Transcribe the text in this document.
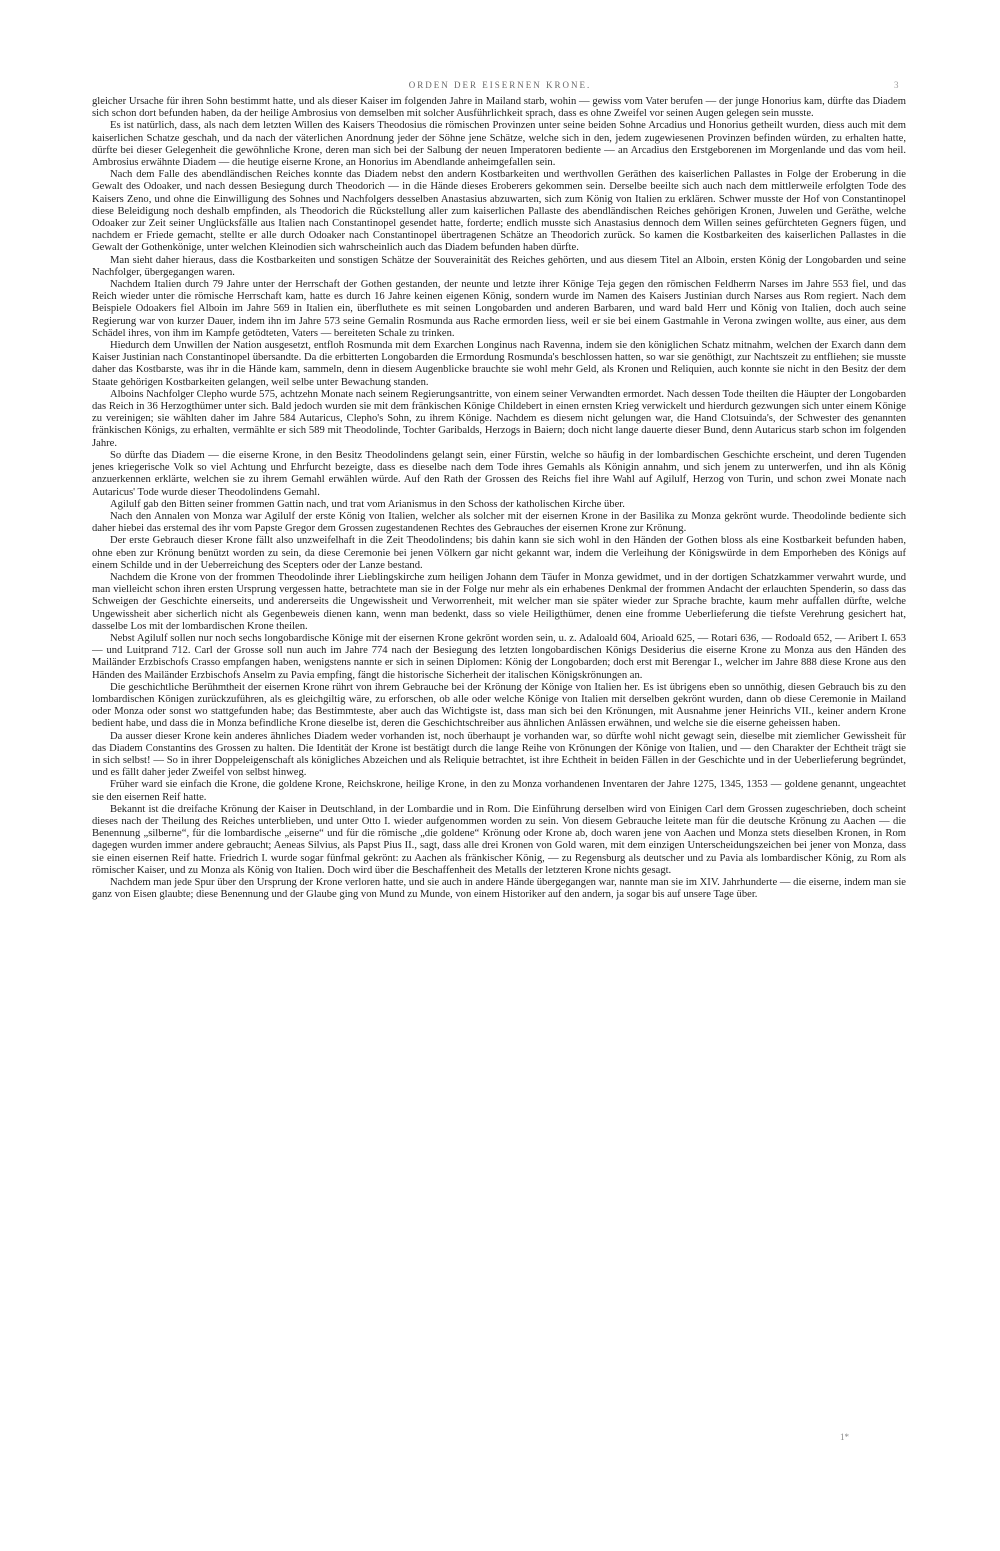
ORDEN DER EISERNEN KRONE.	3

gleicher Ursache für ihren Sohn bestimmt hatte, und als dieser Kaiser im folgenden Jahre in Mailand starb, wohin — gewiss vom Vater berufen — der junge Honorius kam, dürfte das Diadem sich schon dort befunden haben, da der heilige Ambrosius von demselben mit solcher Ausführlichkeit sprach, dass es ohne Zweifel vor seinen Augen gelegen sein musste.

Es ist natürlich, dass, als nach dem letzten Willen des Kaisers Theodosius die römischen Provinzen unter seine beiden Sohne Arcadius und Honorius getheilt wurden, diess auch mit dem kaiserlichen Schatze geschah, und da nach der väterlichen Anordnung jeder der Söhne jene Schätze, welche sich in den, jedem zugewiesenen Provinzen befinden würden, zu erhalten hatte, dürfte bei dieser Gelegenheit die gewöhnliche Krone, deren man sich bei der Salbung der neuen Imperatoren bediente — an Arcadius den Erstgeborenen im Morgenlande und das vom heil. Ambrosius erwähnte Diadem — die heutige eiserne Krone, an Honorius im Abendlande anheimgefallen sein.

Nach dem Falle des abendländischen Reiches konnte das Diadem nebst den andern Kostbarkeiten und werthvollen Geräthen des kaiserlichen Pallastes in Folge der Eroberung in die Gewalt des Odoaker, und nach dessen Besiegung durch Theodorich — in die Hände dieses Eroberers gekommen sein. Derselbe beeilte sich auch nach dem mittlerweile erfolgten Tode des Kaisers Zeno, und ohne die Einwilligung des Sohnes und Nachfolgers desselben Anastasius abzuwarten, sich zum König von Italien zu erklären. Schwer musste der Hof von Constantinopel diese Beleidigung noch deshalb empfinden, als Theodorich die Rückstellung aller zum kaiserlichen Pallaste des abendländischen Reiches gehörigen Kronen, Juwelen und Geräthe, welche Odoaker zur Zeit seiner Unglücksfälle aus Italien nach Constantinopel gesendet hatte, forderte; endlich musste sich Anastasius dennoch dem Willen seines gefürchteten Gegners fügen, und nachdem er Friede gemacht, stellte er alle durch Odoaker nach Constantinopel übertragenen Schätze an Theodorich zurück. So kamen die Kostbarkeiten des kaiserlichen Pallastes in die Gewalt der Gothenkönige, unter welchen Kleinodien sich wahrscheinlich auch das Diadem befunden haben dürfte.

Man sieht daher hieraus, dass die Kostbarkeiten und sonstigen Schätze der Souverainität des Reiches gehörten, und aus diesem Titel an Alboin, ersten König der Longobarden und seine Nachfolger, übergegangen waren.

Nachdem Italien durch 79 Jahre unter der Herrschaft der Gothen gestanden, der neunte und letzte ihrer Könige Teja gegen den römischen Feldherrn Narses im Jahre 553 fiel, und das Reich wieder unter die römische Herrschaft kam, hatte es durch 16 Jahre keinen eigenen König, sondern wurde im Namen des Kaisers Justinian durch Narses aus Rom regiert. Nach dem Beispiele Odoakers fiel Alboin im Jahre 569 in Italien ein, überfluthete es mit seinen Longobarden und anderen Barbaren, und ward bald Herr und König von Italien, doch auch seine Regierung war von kurzer Dauer, indem ihn im Jahre 573 seine Gemalin Rosmunda aus Rache ermorden liess, weil er sie bei einem Gastmahle in Verona zwingen wollte, aus einer, aus dem Schädel ihres, von ihm im Kampfe getödteten, Vaters — bereiteten Schale zu trinken.

Hiedurch dem Unwillen der Nation ausgesetzt, entfloh Rosmunda mit dem Exarchen Longinus nach Ravenna, indem sie den königlichen Schatz mitnahm, welchen der Exarch dann dem Kaiser Justinian nach Constantinopel übersandte. Da die erbitterten Longobarden die Ermordung Rosmunda's beschlossen hatten, so war sie genöthigt, zur Nachtszeit zu entfliehen; sie musste daher das Kostbarste, was ihr in die Hände kam, sammeln, denn in diesem Augenblicke brauchte sie wohl mehr Geld, als Kronen und Reliquien, auch konnte sie nicht in den Besitz der dem Staate gehörigen Kostbarkeiten gelangen, weil selbe unter Bewachung standen.

Alboins Nachfolger Clepho wurde 575, achtzehn Monate nach seinem Regierungsantritte, von einem seiner Verwandten ermordet. Nach dessen Tode theilten die Häupter der Longobarden das Reich in 36 Herzogthümer unter sich. Bald jedoch wurden sie mit dem fränkischen Könige Childebert in einen ernsten Krieg verwickelt und hierdurch gezwungen sich unter einem Könige zu vereinigen; sie wählten daher im Jahre 584 Autaricus, Clepho's Sohn, zu ihrem Könige. Nachdem es diesem nicht gelungen war, die Hand Clotsuinda's, der Schwester des genannten fränkischen Königs, zu erhalten, vermählte er sich 589 mit Theodolinde, Tochter Garibalds, Herzogs in Baiern; doch nicht lange dauerte dieser Bund, denn Autaricus starb schon im folgenden Jahre.

So dürfte das Diadem — die eiserne Krone, in den Besitz Theodolindens gelangt sein, einer Fürstin, welche so häufig in der lombardischen Geschichte erscheint, und deren Tugenden jenes kriegerische Volk so viel Achtung und Ehrfurcht bezeigte, dass es dieselbe nach dem Tode ihres Gemahls als Königin annahm, und sich jenem zu unterwerfen, und ihn als König anzuerkennen erklärte, welchen sie zu ihrem Gemahl erwählen würde. Auf den Rath der Grossen des Reichs fiel ihre Wahl auf Agilulf, Herzog von Turin, und schon zwei Monate nach Autaricus' Tode wurde dieser Theodolindens Gemahl.

Agilulf gab den Bitten seiner frommen Gattin nach, und trat vom Arianismus in den Schoss der katholischen Kirche über.

Nach den Annalen von Monza war Agilulf der erste König von Italien, welcher als solcher mit der eisernen Krone in der Basilika zu Monza gekrönt wurde. Theodolinde bediente sich daher hiebei das erstemal des ihr vom Papste Gregor dem Grossen zugestandenen Rechtes des Gebrauches der eisernen Krone zur Krönung.

Der erste Gebrauch dieser Krone fällt also unzweifelhaft in die Zeit Theodolindens; bis dahin kann sie sich wohl in den Händen der Gothen bloss als eine Kostbarkeit befunden haben, ohne eben zur Krönung benützt worden zu sein, da diese Ceremonie bei jenen Völkern gar nicht gekannt war, indem die Verleihung der Königswürde in dem Emporheben des Königs auf einem Schilde und in der Ueberreichung des Scepters oder der Lanze bestand.

Nachdem die Krone von der frommen Theodolinde ihrer Lieblingskirche zum heiligen Johann dem Täufer in Monza gewidmet, und in der dortigen Schatzkammer verwahrt wurde, und man vielleicht schon ihren ersten Ursprung vergessen hatte, betrachtete man sie in der Folge nur mehr als ein erhabenes Denkmal der frommen Andacht der erlauchten Spenderin, so dass das Schweigen der Geschichte einerseits, und andererseits die Ungewissheit und Verworrenheit, mit welcher man sie später wieder zur Sprache brachte, kaum mehr auffallen dürfte, welche Ungewissheit aber sicherlich nicht als Gegenbeweis dienen kann, wenn man bedenkt, dass so viele Heiligthümer, denen eine fromme Ueberlieferung die tiefste Verehrung gesichert hat, dasselbe Los mit der lombardischen Krone theilen.

Nebst Agilulf sollen nur noch sechs longobardische Könige mit der eisernen Krone gekrönt worden sein, u. z. Adaloald 604, Arioald 625, — Rotari 636, — Rodoald 652, — Aribert I. 653 — und Luitprand 712. Carl der Grosse soll nun auch im Jahre 774 nach der Besiegung des letzten longobardischen Königs Desiderius die eiserne Krone zu Monza aus den Händen des Mailänder Erzbischofs Crasso empfangen haben, wenigstens nannte er sich in seinen Diplomen: König der Longobarden; doch erst mit Berengar I., welcher im Jahre 888 diese Krone aus den Händen des Mailänder Erzbischofs Anselm zu Pavia empfing, fängt die historische Sicherheit der italischen Königskrönungen an.

Die geschichtliche Berühmtheit der eisernen Krone rührt von ihrem Gebrauche bei der Krönung der Könige von Italien her. Es ist übrigens eben so unnöthig, diesen Gebrauch bis zu den lombardischen Königen zurückzuführen, als es gleichgiltig wäre, zu erforschen, ob alle oder welche Könige von Italien mit derselben gekrönt wurden, dann ob diese Ceremonie in Mailand oder Monza oder sonst wo stattgefunden habe; das Bestimmteste, aber auch das Wichtigste ist, dass man sich bei den Krönungen, mit Ausnahme jener Heinrichs VII., keiner andern Krone bedient habe, und dass die in Monza befindliche Krone dieselbe ist, deren die Geschichtschreiber aus ähnlichen Anlässen erwähnen, und welche sie die eiserne geheissen haben.

Da ausser dieser Krone kein anderes ähnliches Diadem weder vorhanden ist, noch überhaupt je vorhanden war, so dürfte wohl nicht gewagt sein, dieselbe mit ziemlicher Gewissheit für das Diadem Constantins des Grossen zu halten. Die Identität der Krone ist bestätigt durch die lange Reihe von Krönungen der Könige von Italien, und — den Charakter der Echtheit trägt sie in sich selbst! — So in ihrer Doppeleigenschaft als königliches Abzeichen und als Reliquie betrachtet, ist ihre Echtheit in beiden Fällen in der Geschichte und in der Ueberlieferung begründet, und es fällt daher jeder Zweifel von selbst hinweg.

Früher ward sie einfach die Krone, die goldene Krone, Reichskrone, heilige Krone, in den zu Monza vorhandenen Inventaren der Jahre 1275, 1345, 1353 — goldene genannt, ungeachtet sie den eisernen Reif hatte.

Bekannt ist die dreifache Krönung der Kaiser in Deutschland, in der Lombardie und in Rom. Die Einführung derselben wird von Einigen Carl dem Grossen zugeschrieben, doch scheint dieses nach der Theilung des Reiches unterblieben, und unter Otto I. wieder aufgenommen worden zu sein. Von diesem Gebrauche leitete man für die deutsche Krönung zu Aachen — die Benennung „silberne“, für die lombardische „eiserne“ und für die römische „die goldene“ Krönung oder Krone ab, doch waren jene von Aachen und Monza stets dieselben Kronen, in Rom dagegen wurden immer andere gebraucht; Aeneas Silvius, als Papst Pius II., sagt, dass alle drei Kronen von Gold waren, mit dem einzigen Unterscheidungszeichen bei jener von Monza, dass sie einen eisernen Reif hatte. Friedrich I. wurde sogar fünfmal gekrönt: zu Aachen als fränkischer König, — zu Regensburg als deutscher und zu Pavia als lombardischer König, zu Rom als römischer Kaiser, und zu Monza als König von Italien. Doch wird über die Beschaffenheit des Metalls der letzteren Krone nichts gesagt.

Nachdem man jede Spur über den Ursprung der Krone verloren hatte, und sie auch in andere Hände übergegangen war, nannte man sie im XIV. Jahrhunderte — die eiserne, indem man sie ganz von Eisen glaubte; diese Benennung und der Glaube ging von Mund zu Munde, von einem Historiker auf den andern, ja sogar bis auf unsere Tage über.

1*
